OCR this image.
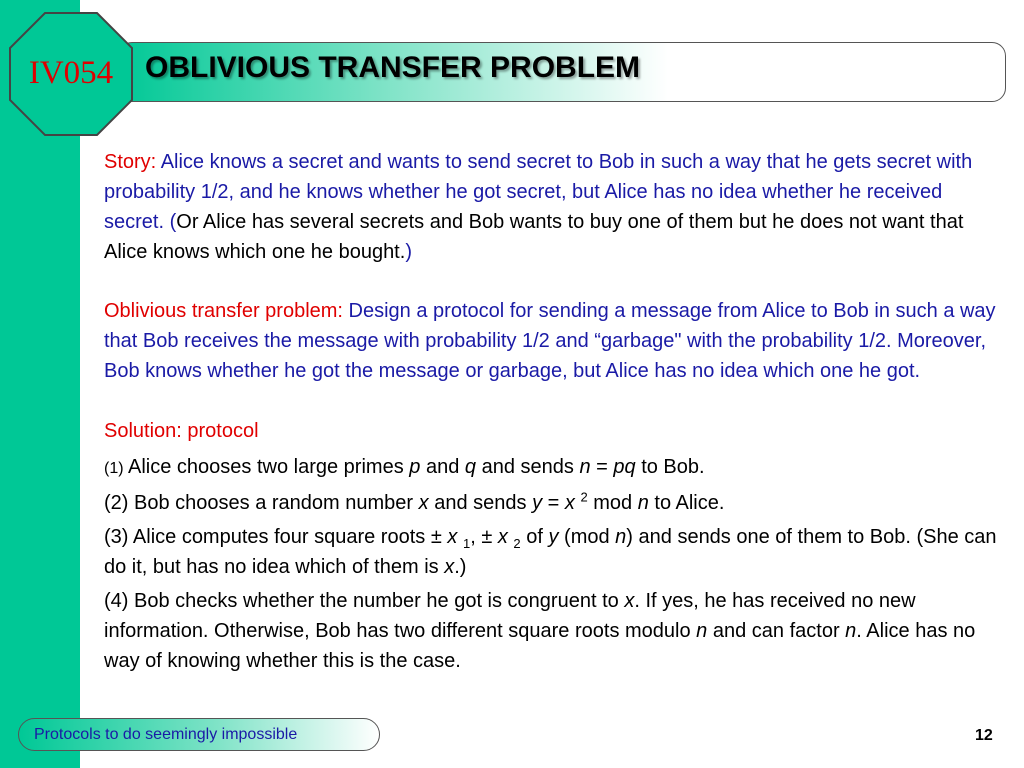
OBLIVIOUS TRANSFER PROBLEM
IV054

Story: Alice knows a secret and wants to send secret to Bob in such a way that he gets secret with probability 1/2, and he knows whether he got secret, but Alice has no idea whether he received secret. (Or Alice has several secrets and Bob wants to buy one of them but he does not want that Alice knows which one he bought.)

Oblivious transfer problem: Design a protocol for sending a message from Alice to Bob in such a way that Bob receives the message with probability 1/2 and “garbage" with the probability 1/2. Moreover, Bob knows whether he got the message or garbage, but Alice has no idea which one he got.

Solution: protocol

(1) Alice chooses two large primes p and q and sends n = pq to Bob.

(2) Bob chooses a random number x and sends y = x $^2$ mod n to Alice.

(3) Alice computes four square roots ± x $_1$, ± x $_2$ of y (mod n) and sends one of them to Bob. (She can do it, but has no idea which of them is x.)

(4) Bob checks whether the number he got is congruent to x. If yes, he has received no new information. Otherwise, Bob has two different square roots modulo n and can factor n. Alice has no way of knowing whether this is the case.

Protocols to do seemingly impossible	12
